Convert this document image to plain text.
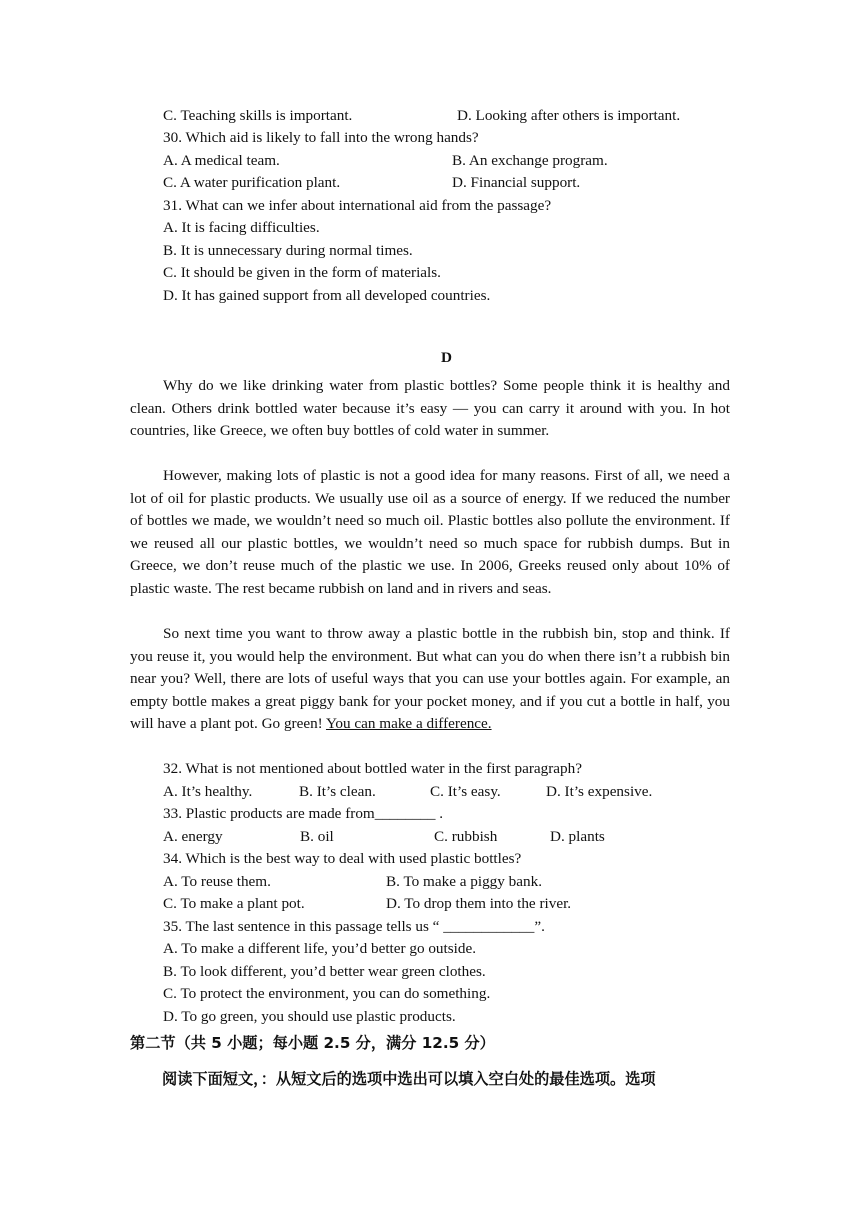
C. Teaching skills is important.	D. Looking after others is important.
30. Which aid is likely to fall into the wrong hands?
A. A medical team.	B. An exchange program.
C. A water purification plant.	D. Financial support.
31. What can we infer about international aid from the passage?
A. It is facing difficulties.
B. It is unnecessary during normal times.
C. It should be given in the form of materials.
D. It has gained support from all developed countries.
D
Why do we like drinking water from plastic bottles? Some people think it is healthy and clean. Others drink bottled water because it’s easy — you can carry it around with you. In hot countries, like Greece, we often buy bottles of cold water in summer.
However, making lots of plastic is not a good idea for many reasons. First of all, we need a lot of oil for plastic products. We usually use oil as a source of energy. If we reduced the number of bottles we made, we wouldn’t need so much oil. Plastic bottles also pollute the environment. If we reused all our plastic bottles, we wouldn’t need so much space for rubbish dumps. But in Greece, we don’t reuse much of the plastic we use. In 2006, Greeks reused only about 10% of plastic waste. The rest became rubbish on land and in rivers and seas.
So next time you want to throw away a plastic bottle in the rubbish bin, stop and think. If you reuse it, you would help the environment. But what can you do when there isn’t a rubbish bin near you? Well, there are lots of useful ways that you can use your bottles again. For example, an empty bottle makes a great piggy bank for your pocket money, and if you cut a bottle in half, you will have a plant pot. Go green! You can make a difference.
32. What is not mentioned about bottled water in the first paragraph?
A. It’s healthy.	B. It’s clean.	C. It’s easy.	D. It’s expensive.
33. Plastic products are made from________ .
A. energy	B. oil	C. rubbish	D. plants
34. Which is the best way to deal with used plastic bottles?
A. To reuse them.	B. To make a piggy bank.
C. To make a plant pot.	D. To drop them into the river.
35. The last sentence in this passage tells us “ ____________”.
A. To make a different life, you’d better go outside.
B. To look different, you’d better wear green clothes.
C. To protect the environment, you can do something.
D. To go green, you should use plastic products.
第二节（共 5 小题；每小题 2.5 分，满分 12.5 分）
阅读下面短文，：从短文后的选项中选出可以填入空白处的最佳选项。选项
